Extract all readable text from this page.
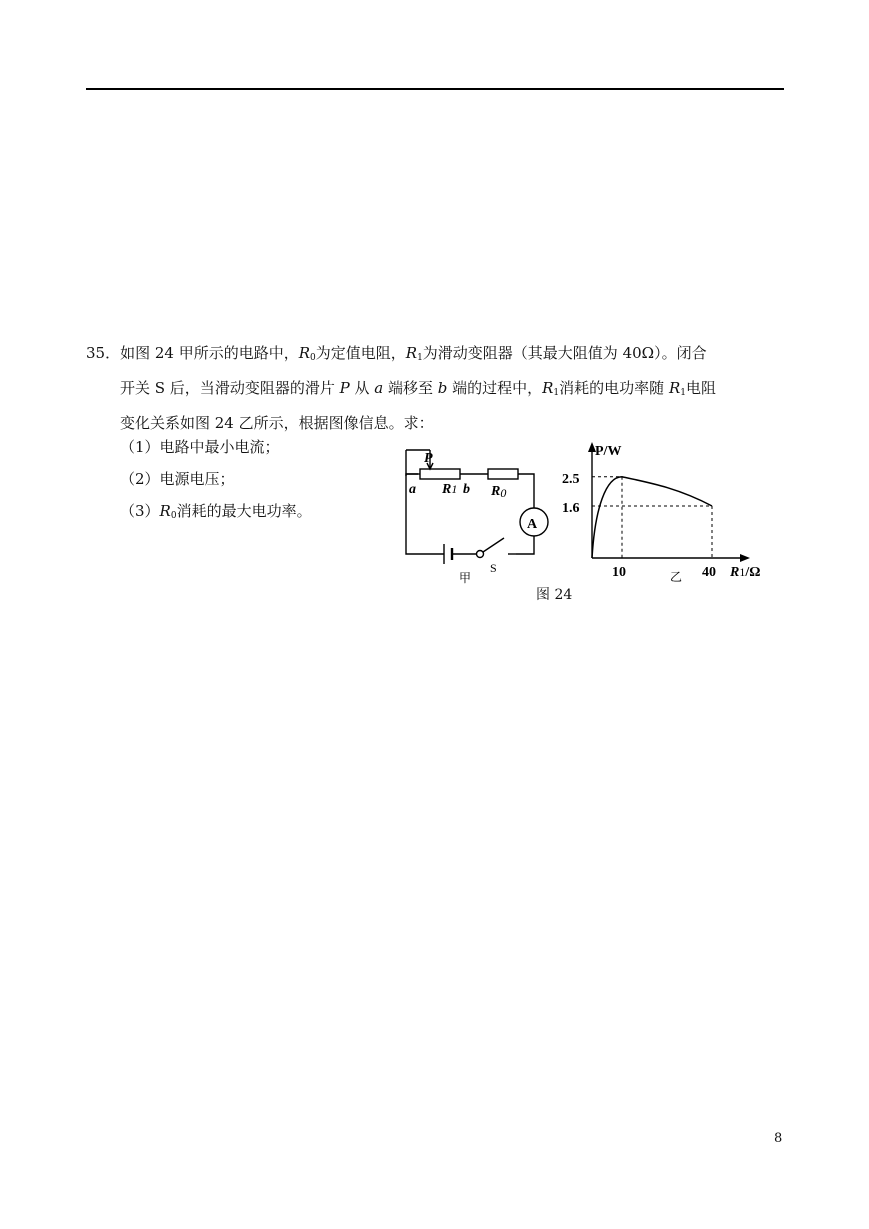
35．如图 24 甲所示的电路中，$R_0$为定值电阻，$R_1$为滑动变阻器（其最大阻值为 40Ω）。闭合
开关 S 后，当滑动变阻器的滑片 P 从 a 端移至 b 端的过程中，$R_1$消耗的电功率随 $R_1$电阻
变化关系如图 24 乙所示，根据图像信息。求：
（1）电路中最小电流；
（2）电源电压；
$(3)R_0$消耗的最大电功率。
P
a R1 b R0
A
S
甲
2.5
10
1.6
40
P/W
R1/Ω
乙
图 24
8
